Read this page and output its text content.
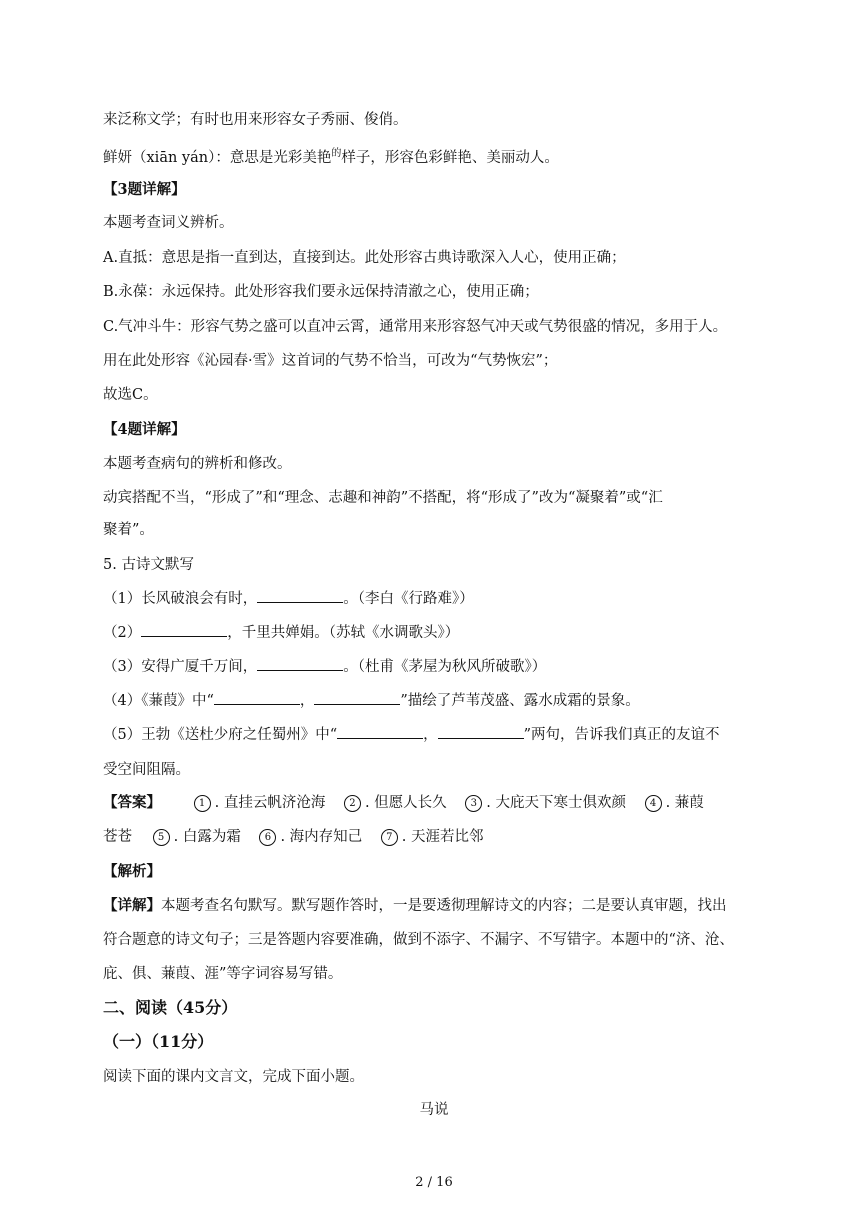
来泛称文学；有时也用来形容女子秀丽、俊俏。
鲜妍（xiān yán）：意思是光彩美艳$^的$样子，形容色彩鲜艳、美丽动人。
【3题详解】
本题考查词义辨析。
A.直抵：意思是指一直到达，直接到达。此处形容古典诗歌深入人心，使用正确；
B.永葆：永远保持。此处形容我们要永远保持清澈之心，使用正确；
C.气冲斗牛：形容气势之盛可以直冲云霄，通常用来形容怒气冲天或气势很盛的情况，多用于人。
用在此处形容《沁园春·雪》这首词的气势不恰当，可改为“气势恢宏”；
故选C。
【4题详解】
本题考查病句的辨析和修改。
动宾搭配不当，“形成了”和“理念、志趣和神韵”不搭配，将“形成了”改为“凝聚着”或“汇
聚着”。
5. 古诗文默写
（1）长风破浪会有时，	。（李白《行路难》）
（2）	，千里共婵娟。（苏轼《水调歌头》）
（3）安得广厦千万间，	。（杜甫《茅屋为秋风所破歌》）
（4）《蒹葭》中“	，	”描绘了芦苇茂盛、露水成霜的景象。
（5）王勃《送杜少府之任蜀州》中“	，	”两句，告诉我们真正的友谊不
受空间阻隔。
【答案】	1 . 直挂云帆济沧海 2 . 但愿人长久 3 . 大庇天下寒士俱欢颜 4 . 蒹葭
苍苍	5 . 白露为霜 6 . 海内存知己 7 . 天涯若比邻
【解析】
【详解】本题考查名句默写。默写题作答时，一是要透彻理解诗文的内容；二是要认真审题，找出
符合题意的诗文句子；三是答题内容要准确，做到不添字、不漏字、不写错字。本题中的“济、沧、
庇、俱、蒹葭、涯”等字词容易写错。
二、阅读（45分）
（一）（11分）
阅读下面的课内文言文，完成下面小题。
马说
2 / 16
